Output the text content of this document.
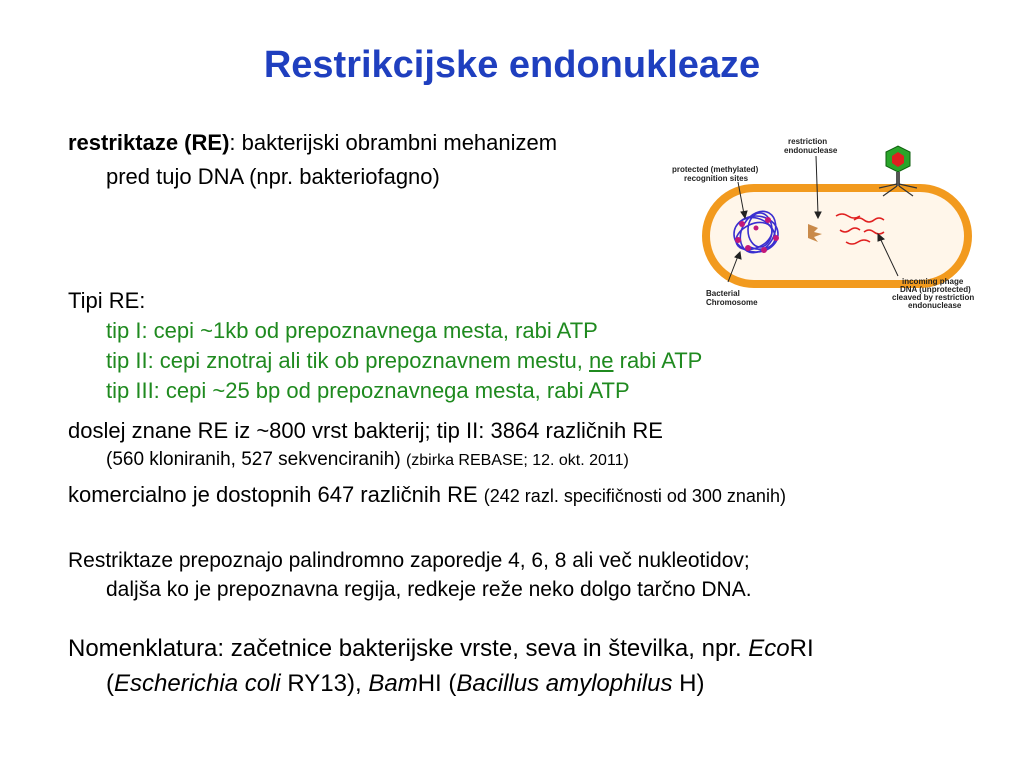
Restrikcijske endonukleaze
restriktaze (RE): bakterijski obrambni mehanizem
pred tujo DNA (npr. bakteriofagno)
Tipi RE:
tip I: cepi ~1kb od prepoznavnega mesta, rabi ATP
tip II: cepi znotraj ali tik ob prepoznavnem mestu, ne rabi ATP
tip III: cepi ~25 bp od prepoznavnega mesta, rabi ATP
doslej znane RE iz ~800 vrst bakterij; tip II: 3864 različnih RE
(560 kloniranih, 527 sekvenciranih) (zbirka REBASE; 12. okt. 2011)
komercialno je dostopnih 647 različnih RE (242 razl. specifičnosti od 300 znanih)
Restriktaze prepoznajo palindromno zaporedje 4, 6, 8 ali več nukleotidov;
daljša ko je prepoznavna regija, redkeje reže neko dolgo tarčno DNA.
Nomenklatura: začetnice bakterijske vrste, seva in številka, npr. EcoRI
(Escherichia coli RY13), BamHI (Bacillus amylophilus H)
restriction
endonuclease
protected (methylated)
recognition sites
Bacterial
Chromosome
incoming phage
DNA (unprotected)
cleaved by restriction
endonuclease
